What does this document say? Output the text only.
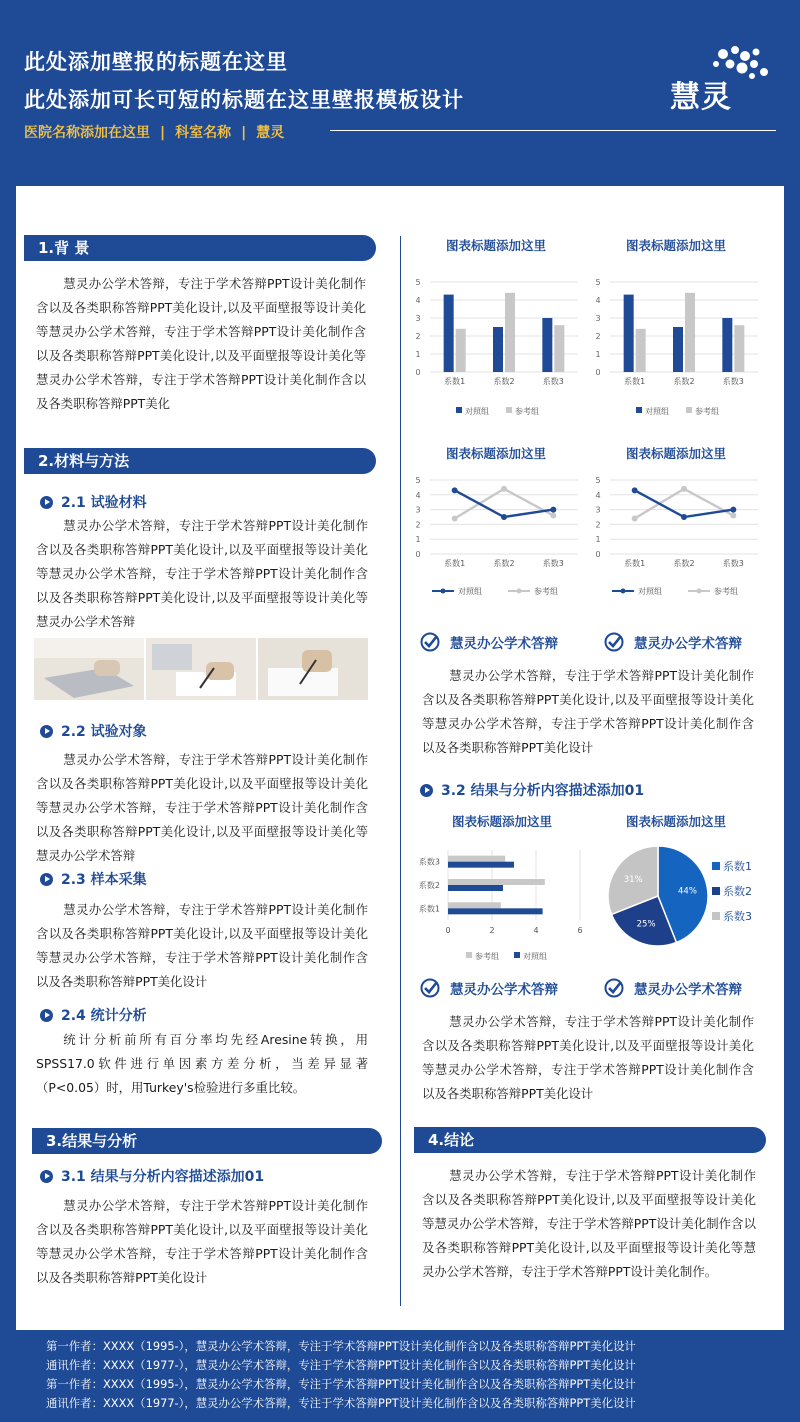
此处添加壁报的标题在这里
此处添加可长可短的标题在这里壁报模板设计
医院名称添加在这里 | 科室名称 | 慧灵
慧灵
1.背 景
慧灵办公学术答辩，专注于学术答辩PPT设计美化制作含以及各类职称答辩PPT美化设计,以及平面壁报等设计美化等慧灵办公学术答辩，专注于学术答辩PPT设计美化制作含以及各类职称答辩PPT美化设计,以及平面壁报等设计美化等慧灵办公学术答辩，专注于学术答辩PPT设计美化制作含以及各类职称答辩PPT美化
2.材料与方法
2.1 试验材料
慧灵办公学术答辩，专注于学术答辩PPT设计美化制作含以及各类职称答辩PPT美化设计,以及平面壁报等设计美化等慧灵办公学术答辩，专注于学术答辩PPT设计美化制作含以及各类职称答辩PPT美化设计,以及平面壁报等设计美化等慧灵办公学术答辩
2.2 试验对象
慧灵办公学术答辩，专注于学术答辩PPT设计美化制作含以及各类职称答辩PPT美化设计,以及平面壁报等设计美化等慧灵办公学术答辩，专注于学术答辩PPT设计美化制作含以及各类职称答辩PPT美化设计,以及平面壁报等设计美化等慧灵办公学术答辩
2.3 样本采集
慧灵办公学术答辩，专注于学术答辩PPT设计美化制作含以及各类职称答辩PPT美化设计,以及平面壁报等设计美化等慧灵办公学术答辩，专注于学术答辩PPT设计美化制作含以及各类职称答辩PPT美化设计
2.4 统计分析
统计分析前所有百分率均先经Aresine转换，用SPSS17.0软件进行单因素方差分析，当差异显著（P<0.05）时，用Turkey's检验进行多重比较。
3.结果与分析
3.1 结果与分析内容描述添加01
慧灵办公学术答辩，专注于学术答辩PPT设计美化制作含以及各类职称答辩PPT美化设计,以及平面壁报等设计美化等慧灵办公学术答辩，专注于学术答辩PPT设计美化制作含以及各类职称答辩PPT美化设计
图表标题添加这里	图表标题添加这里
0
1
2
3
4
5
系数1	系数2	系数3
对照组	参考组
0
1
2
3
4
5
系数1	系数2	系数3
对照组	参考组
图表标题添加这里	图表标题添加这里
0
1
2
3
4
5
系数1	系数2	系数3
对照组	参考组
0
1
2
3
4
5
系数1	系数2	系数3
对照组	参考组
慧灵办公学术答辩	慧灵办公学术答辩
慧灵办公学术答辩，专注于学术答辩PPT设计美化制作含以及各类职称答辩PPT美化设计,以及平面壁报等设计美化等慧灵办公学术答辩，专注于学术答辩PPT设计美化制作含以及各类职称答辩PPT美化设计
3.2 结果与分析内容描述添加01
图表标题添加这里	图表标题添加这里
0	2	4	6
系数1
系数2
系数3
参考组	对照组
44%
25%
31%
系数1
系数2
系数3
慧灵办公学术答辩	慧灵办公学术答辩
慧灵办公学术答辩，专注于学术答辩PPT设计美化制作含以及各类职称答辩PPT美化设计,以及平面壁报等设计美化等慧灵办公学术答辩，专注于学术答辩PPT设计美化制作含以及各类职称答辩PPT美化设计
4.结论
慧灵办公学术答辩，专注于学术答辩PPT设计美化制作含以及各类职称答辩PPT美化设计,以及平面壁报等设计美化等慧灵办公学术答辩，专注于学术答辩PPT设计美化制作含以及各类职称答辩PPT美化设计,以及平面壁报等设计美化等慧灵办公学术答辩，专注于学术答辩PPT设计美化制作。
第一作者：XXXX（1995-），慧灵办公学术答辩，专注于学术答辩PPT设计美化制作含以及各类职称答辩PPT美化设计
通讯作者：XXXX（1977-），慧灵办公学术答辩，专注于学术答辩PPT设计美化制作含以及各类职称答辩PPT美化设计
第一作者：XXXX（1995-），慧灵办公学术答辩，专注于学术答辩PPT设计美化制作含以及各类职称答辩PPT美化设计
通讯作者：XXXX（1977-），慧灵办公学术答辩，专注于学术答辩PPT设计美化制作含以及各类职称答辩PPT美化设计
